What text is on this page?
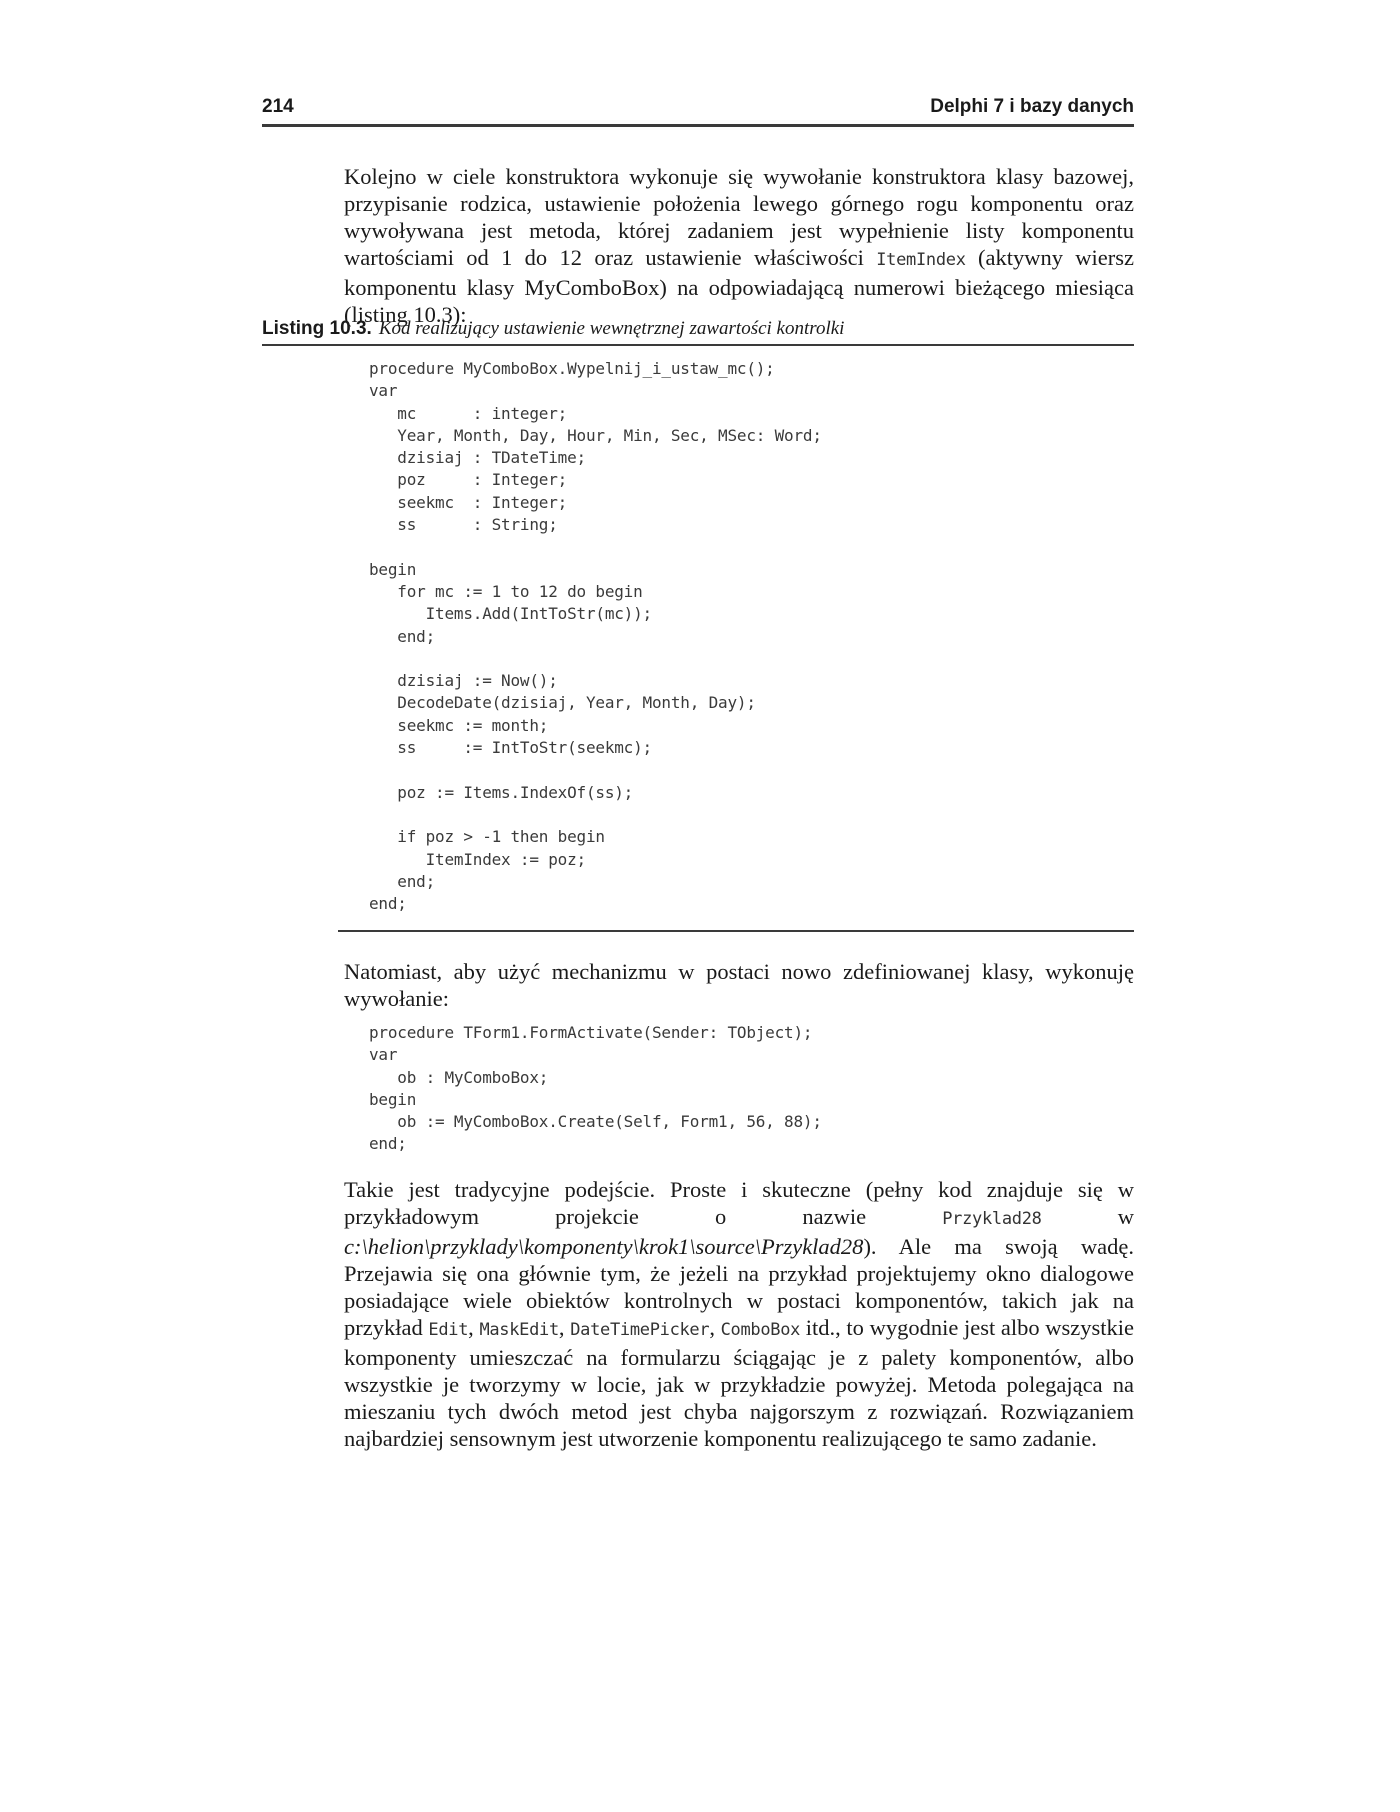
214	Delphi 7 i bazy danych

Kolejno w ciele konstruktora wykonuje się wywołanie konstruktora klasy bazowej, przypisanie rodzica, ustawienie położenia lewego górnego rogu komponentu oraz wywoływana jest metoda, której zadaniem jest wypełnienie listy komponentu wartościami od 1 do 12 oraz ustawienie właściwości ItemIndex (aktywny wiersz komponentu klasy MyComboBox) na odpowiadającą numerowi bieżącego miesiąca (listing 10.3):

Listing 10.3. Kod realizujący ustawienie wewnętrznej zawartości kontrolki
procedure MyComboBox.Wypelnij_i_ustaw_mc();
var
mc      : integer;
Year, Month, Day, Hour, Min, Sec, MSec: Word;
dzisiaj : TDateTime;
poz     : Integer;
seekmc  : Integer;
ss      : String;

begin
for mc := 1 to 12 do begin
Items.Add(IntToStr(mc));
end;

dzisiaj := Now();
DecodeDate(dzisiaj, Year, Month, Day);
seekmc := month;
ss     := IntToStr(seekmc);

poz := Items.IndexOf(ss);

if poz > -1 then begin
ItemIndex := poz;
end;
end;

Natomiast, aby użyć mechanizmu w postaci nowo zdefiniowanej klasy, wykonuję wywołanie:

procedure TForm1.FormActivate(Sender: TObject);
var
ob : MyComboBox;
begin
ob := MyComboBox.Create(Self, Form1, 56, 88);
end;

Takie jest tradycyjne podejście. Proste i skuteczne (pełny kod znajduje się w przykładowym projekcie o nazwie Przyklad28 w c:\helion\przyklady\komponenty\krok1\source\Przyklad28). Ale ma swoją wadę. Przejawia się ona głównie tym, że jeżeli na przykład projektujemy okno dialogowe posiadające wiele obiektów kontrolnych w postaci komponentów, takich jak na przykład Edit, MaskEdit, DateTimePicker, ComboBox itd., to wygodnie jest albo wszystkie komponenty umieszczać na formularzu ściągając je z palety komponentów, albo wszystkie je tworzymy w locie, jak w przykładzie powyżej. Metoda polegająca na mieszaniu tych dwóch metod jest chyba najgorszym z rozwiązań. Rozwiązaniem najbardziej sensownym jest utworzenie komponentu realizującego te samo zadanie.
